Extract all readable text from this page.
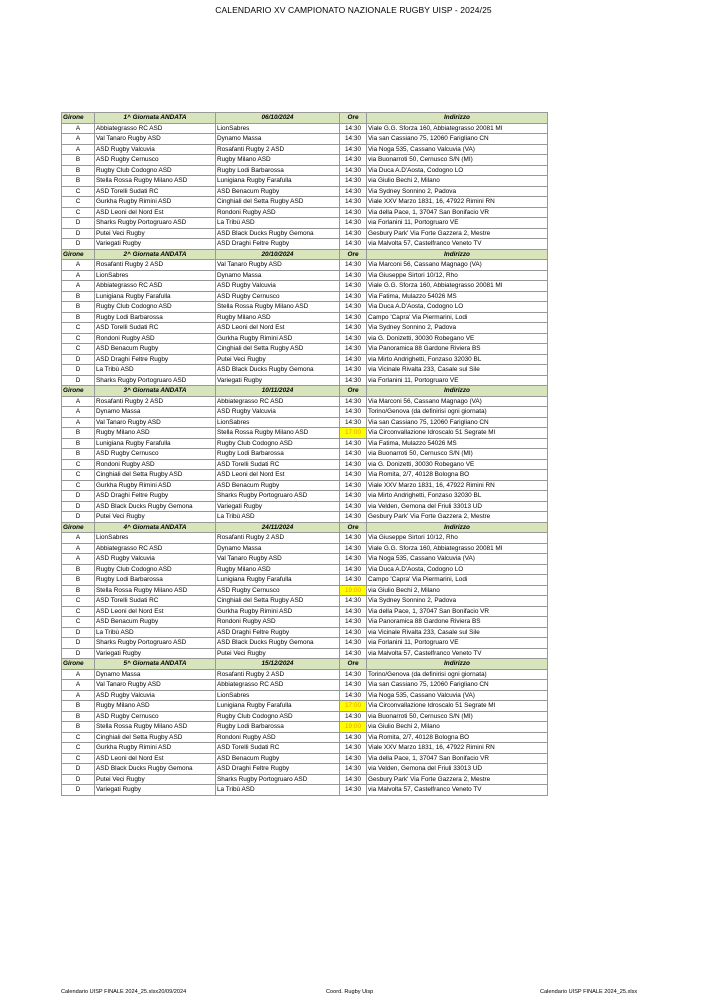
CALENDARIO XV CAMPIONATO NAZIONALE RUGBY UISP - 2024/25
Girone	1^ Giornata ANDATA	06/10/2024	Ore	Indirizzo
A	Abbiategrasso RC ASD	LionSabres	14:30	Viale G.G. Sforza 160, Abbiategrasso 20081 MI
A	Val Tanaro Rugby ASD	Dynamo Massa	14:30	Via san Cassiano 75, 12060 Farigliano CN
A	ASD Rugby Valcuvia	Rosafanti Rugby 2 ASD	14:30	Via Noga 535, Cassano Valcuvia (VA)
B	ASD Rugby Cernusco	Rugby Milano ASD	14:30	via Buonarroti 50, Cernusco S/N (MI)
B	Rugby Club Codogno ASD	Rugby Lodi Barbarossa	14:30	Via Duca A.D'Aosta, Codogno LO
B	Stella Rossa Rugby Milano ASD	Lunigiana Rugby Farafulla	14:30	via Giulio Bechi 2, Milano
C	ASD Torelli Sudati RC	ASD Benacum Rugby	14:30	Via Sydney Sonnino 2, Padova
C	Gurkha Rugby Rimini ASD	Cinghiali del Setta Rugby ASD	14:30	Viale XXV Marzo 1831, 16, 47922 Rimini RN
C	ASD Leoni del Nord Est	Rondoni Rugby ASD	14:30	Via della Pace, 1, 37047 San Bonifacio VR
D	Sharks Rugby Portogruaro ASD	La Tribù ASD	14:30	via Forlanini 11, Portogruaro VE
D	Putei Veci Rugby	ASD Black Ducks Rugby Gemona	14:30	Gesbury Park' Via Forte Gazzera 2, Mestre
D	Variegati Rugby	ASD Draghi Feltre Rugby	14:30	via Malvolta 57, Castelfranco Veneto TV
Girone	2^ Giornata ANDATA	20/10/2024	Ore	Indirizzo
A	Rosafanti Rugby 2 ASD	Val Tanaro Rugby ASD	14:30	Via Marconi 56, Cassano Magnago (VA)
A	LionSabres	Dynamo Massa	14:30	Via Giuseppe Sirtori 10/12, Rho
A	Abbiategrasso RC ASD	ASD Rugby Valcuvia	14:30	Viale G.G. Sforza 160, Abbiategrasso 20081 MI
B	Lunigiana Rugby Farafulla	ASD Rugby Cernusco	14:30	Via Fatima, Mulazzo 54026 MS
B	Rugby Club Codogno ASD	Stella Rossa Rugby Milano ASD	14:30	Via Duca A.D'Aosta, Codogno LO
B	Rugby Lodi Barbarossa	Rugby Milano ASD	14:30	Campo 'Capra' Via Piermarini, Lodi
C	ASD Torelli Sudati RC	ASD Leoni del Nord Est	14:30	Via Sydney Sonnino 2, Padova
C	Rondoni Rugby ASD	Gurkha Rugby Rimini ASD	14:30	via G. Donizetti, 30030 Robegano VE
C	ASD Benacum Rugby	Cinghiali del Setta Rugby ASD	14:30	Via Panoramica 88 Gardone Riviera BS
D	ASD Draghi Feltre Rugby	Putei Veci Rugby	14:30	via Mirto Andrighetti, Fonzaso 32030 BL
D	La Tribù ASD	ASD Black Ducks Rugby Gemona	14:30	via Vicinale Rivalta 233, Casale sul Sile
D	Sharks Rugby Portogruaro ASD	Variegati Rugby	14:30	via Forlanini 11, Portogruaro VE
Girone	3^ Giornata ANDATA	10/11/2024	Ore	Indirizzo
A	Rosafanti Rugby 2 ASD	Abbiategrasso RC ASD	14:30	Via Marconi 56, Cassano Magnago (VA)
A	Dynamo Massa	ASD Rugby Valcuvia	14:30	Torino/Genova (da definirisi ogni giornata)
A	Val Tanaro Rugby ASD	LionSabres	14:30	Via san Cassiano 75, 12060 Farigliano CN
B	Rugby Milano ASD	Stella Rossa Rugby Milano ASD	17:00	Via Circonvallazione Idroscalo 51 Segrate MI
B	Lunigiana Rugby Farafulla	Rugby Club Codogno ASD	14:30	Via Fatima, Mulazzo 54026 MS
B	ASD Rugby Cernusco	Rugby Lodi Barbarossa	14:30	via Buonarroti 50, Cernusco S/N (MI)
C	Rondoni Rugby ASD	ASD Torelli Sudati RC	14:30	via G. Donizetti, 30030 Robegano VE
C	Cinghiali del Setta Rugby ASD	ASD Leoni del Nord Est	14:30	Via Romita, 2/7, 40128 Bologna BO
C	Gurkha Rugby Rimini ASD	ASD Benacum Rugby	14:30	Viale XXV Marzo 1831, 16, 47922 Rimini RN
D	ASD Draghi Feltre Rugby	Sharks Rugby Portogruaro ASD	14:30	via Mirto Andrighetti, Fonzaso 32030 BL
D	ASD Black Ducks Rugby Gemona	Variegati Rugby	14:30	via Velden, Gemona del Friuli 33013 UD
D	Putei Veci Rugby	La Tribù ASD	14:30	Gesbury Park' Via Forte Gazzera 2, Mestre
Girone	4^ Giornata ANDATA	24/11/2024	Ore	Indirizzo
A	LionSabres	Rosafanti Rugby 2 ASD	14:30	Via Giuseppe Sirtori 10/12, Rho
A	Abbiategrasso RC ASD	Dynamo Massa	14:30	Viale G.G. Sforza 160, Abbiategrasso 20081 MI
A	ASD Rugby Valcuvia	Val Tanaro Rugby ASD	14:30	Via Noga 535, Cassano Valcuvia (VA)
B	Rugby Club Codogno ASD	Rugby Milano ASD	14:30	Via Duca A.D'Aosta, Codogno LO
B	Rugby Lodi Barbarossa	Lunigiana Rugby Farafulla	14:30	Campo 'Capra' Via Piermarini, Lodi
B	Stella Rossa Rugby Milano ASD	ASD Rugby Cernusco	19:00	via Giulio Bechi 2, Milano
C	ASD Torelli Sudati RC	Cinghiali del Setta Rugby ASD	14:30	Via Sydney Sonnino 2, Padova
C	ASD Leoni del Nord Est	Gurkha Rugby Rimini ASD	14:30	Via della Pace, 1, 37047 San Bonifacio VR
C	ASD Benacum Rugby	Rondoni Rugby ASD	14:30	Via Panoramica 88 Gardone Riviera BS
D	La Tribù ASD	ASD Draghi Feltre Rugby	14:30	via Vicinale Rivalta 233, Casale sul Sile
D	Sharks Rugby Portogruaro ASD	ASD Black Ducks Rugby Gemona	14:30	via Forlanini 11, Portogruaro VE
D	Variegati Rugby	Putei Veci Rugby	14:30	via Malvolta 57, Castelfranco Veneto TV
Girone	5^ Giornata ANDATA	15/12/2024	Ore	Indirizzo
A	Dynamo Massa	Rosafanti Rugby 2 ASD	14:30	Torino/Genova (da definirisi ogni giornata)
A	Val Tanaro Rugby ASD	Abbiategrasso RC ASD	14:30	Via san Cassiano 75, 12060 Farigliano CN
A	ASD Rugby Valcuvia	LionSabres	14:30	Via Noga 535, Cassano Valcuvia (VA)
B	Rugby Milano ASD	Lunigiana Rugby Farafulla	17:00	Via Circonvallazione Idroscalo 51 Segrate MI
B	ASD Rugby Cernusco	Rugby Club Codogno ASD	14:30	via Buonarroti 50, Cernusco S/N (MI)
B	Stella Rossa Rugby Milano ASD	Rugby Lodi Barbarossa	19:00	via Giulio Bechi 2, Milano
C	Cinghiali del Setta Rugby ASD	Rondoni Rugby ASD	14:30	Via Romita, 2/7, 40128 Bologna BO
C	Gurkha Rugby Rimini ASD	ASD Torelli Sudati RC	14:30	Viale XXV Marzo 1831, 16, 47922 Rimini RN
C	ASD Leoni del Nord Est	ASD Benacum Rugby	14:30	Via della Pace, 1, 37047 San Bonifacio VR
D	ASD Black Ducks Rugby Gemona	ASD Draghi Feltre Rugby	14:30	via Velden, Gemona del Friuli 33013 UD
D	Putei Veci Rugby	Sharks Rugby Portogruaro ASD	14:30	Gesbury Park' Via Forte Gazzera 2, Mestre
D	Variegati Rugby	La Tribù ASD	14:30	via Malvolta 57, Castelfranco Veneto TV
Calendario UISP FINALE 2024_25.xlsx20/09/2024	Coord. Rugby Uisp	Calendario UISP FINALE 2024_25.xlsx
